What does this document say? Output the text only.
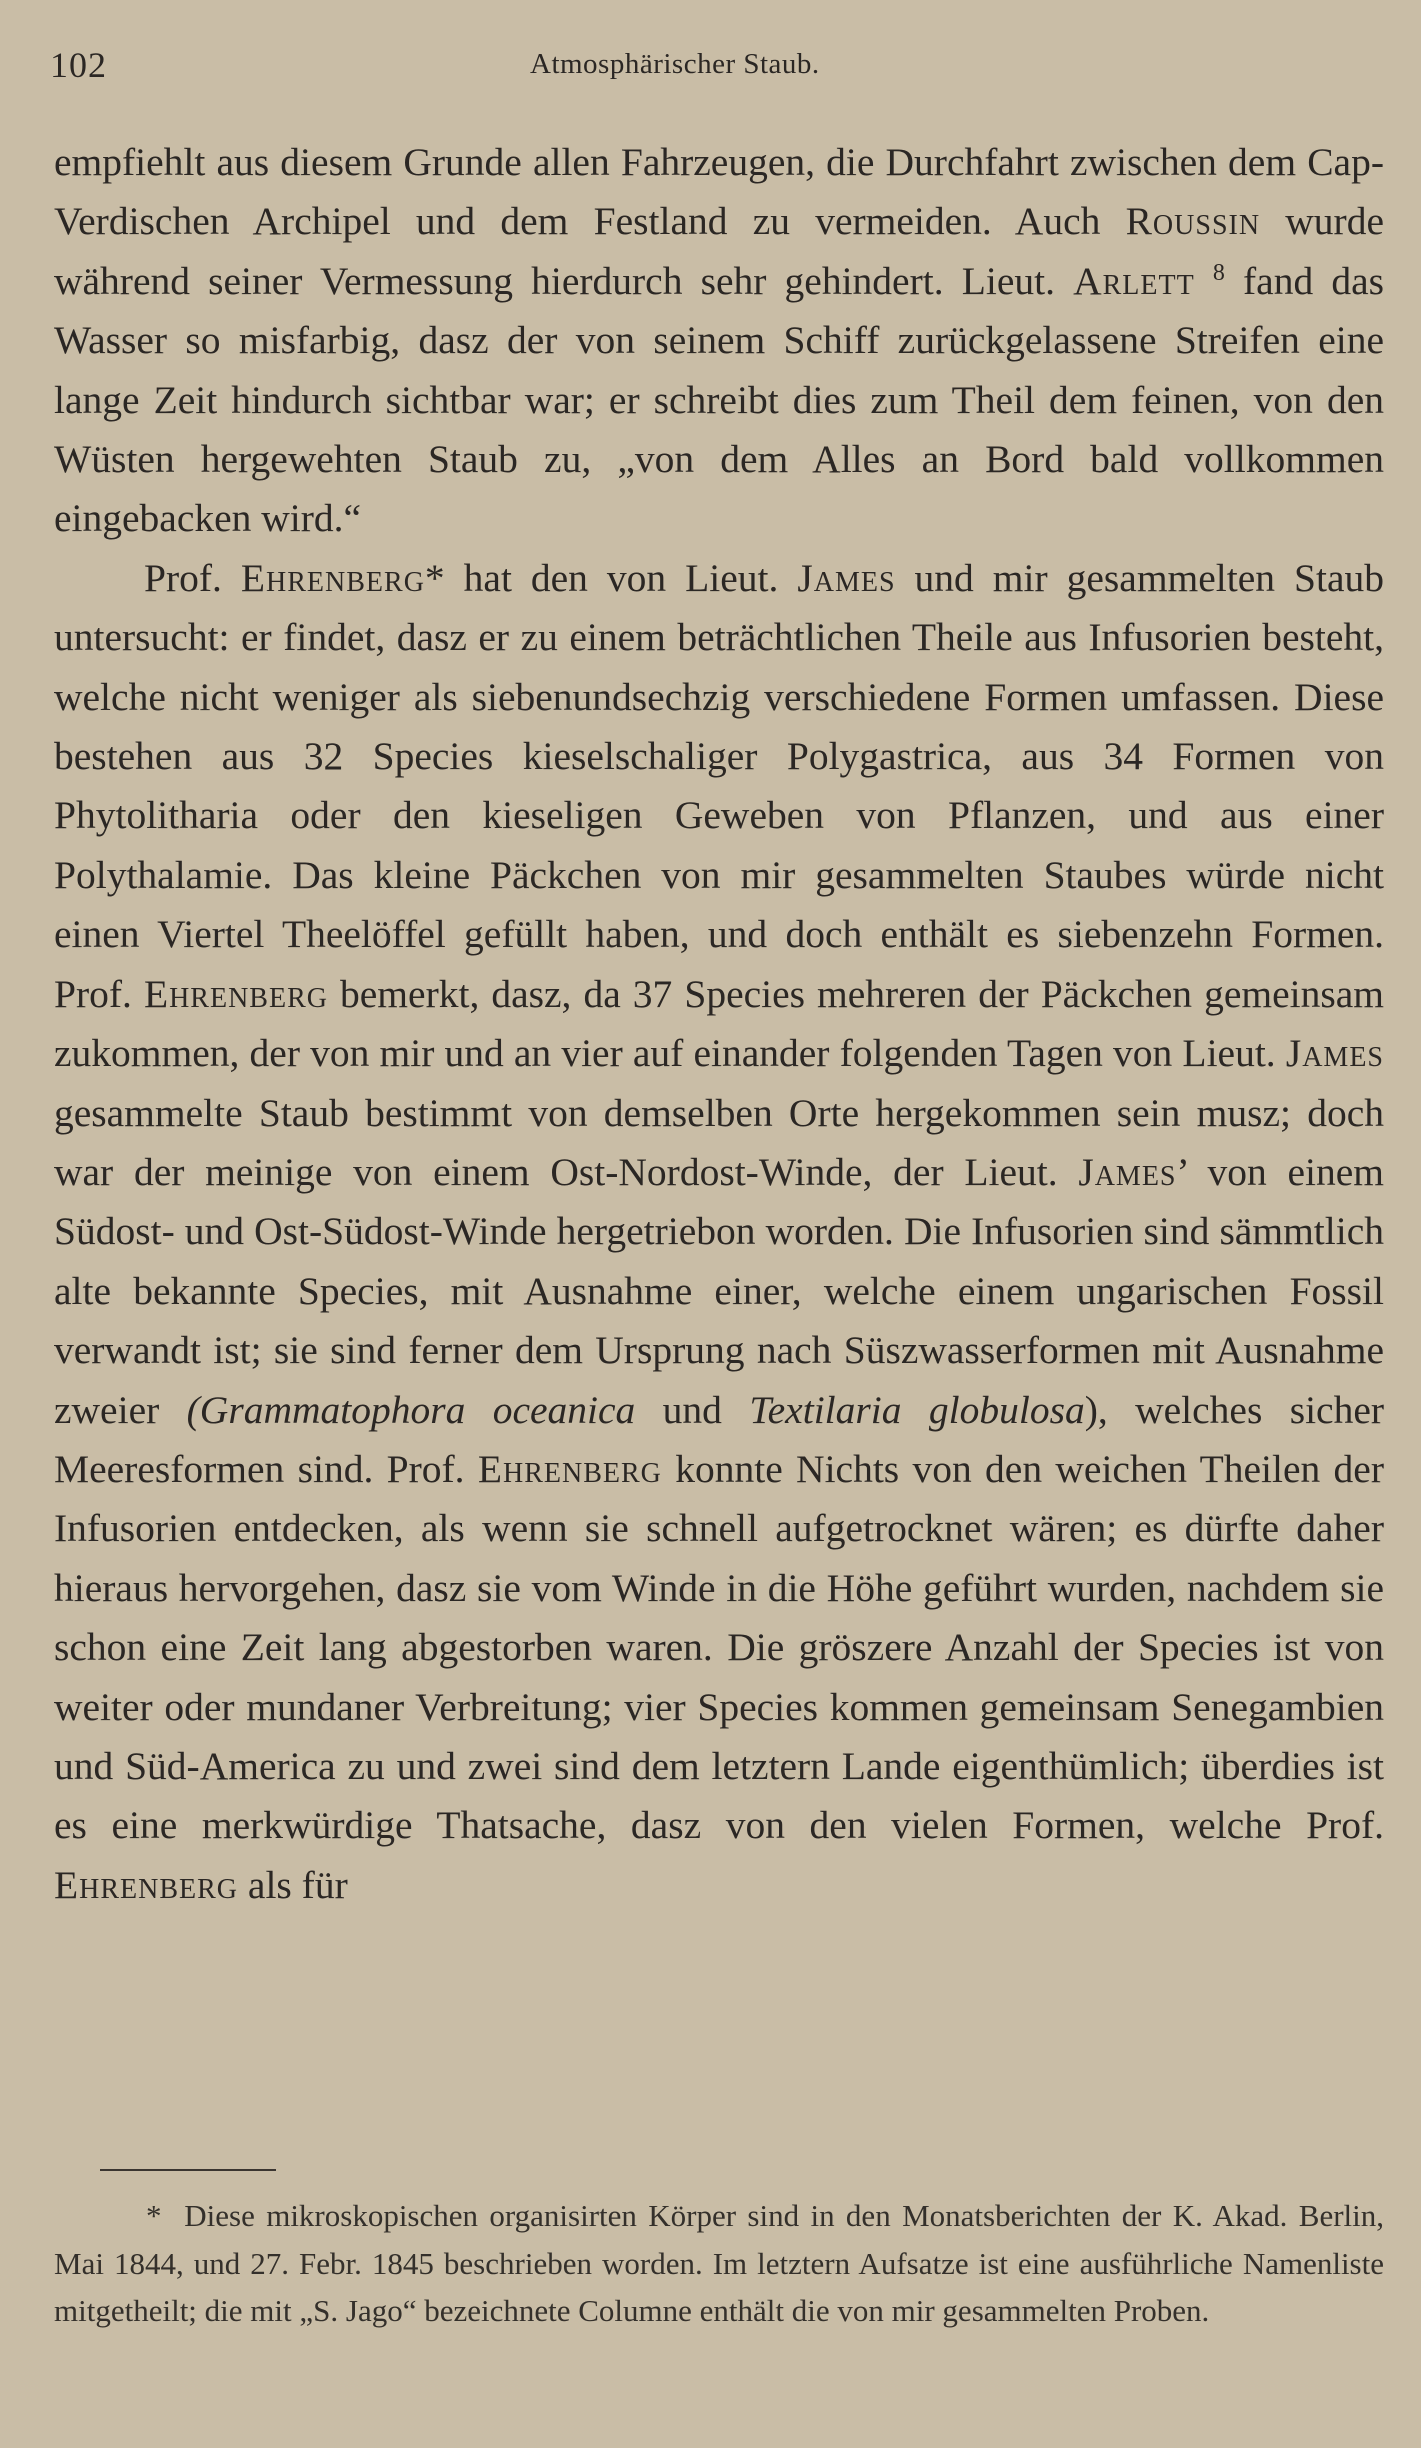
102	Atmosphärischer Staub.

empfiehlt aus diesem Grunde allen Fahrzeugen, die Durchfahrt zwischen dem Cap-Verdischen Archipel und dem Festland zu vermeiden. Auch Roussin wurde während seiner Vermessung hierdurch sehr gehindert. Lieut. Arlett $^8$ fand das Wasser so misfarbig, dasz der von seinem Schiff zurückgelassene Streifen eine lange Zeit hindurch sichtbar war; er schreibt dies zum Theil dem feinen, von den Wüsten hergewehten Staub zu, „von dem Alles an Bord bald vollkommen eingebacken wird.“

Prof. Ehrenberg* hat den von Lieut. James und mir gesammelten Staub untersucht: er findet, dasz er zu einem beträchtlichen Theile aus Infusorien besteht, welche nicht weniger als siebenundsechzig verschiedene Formen umfassen. Diese bestehen aus 32 Species kieselschaliger Polygastrica, aus 34 Formen von Phytolitharia oder den kieseligen Geweben von Pflanzen, und aus einer Polythalamie. Das kleine Päckchen von mir gesammelten Staubes würde nicht einen Viertel Theelöffel gefüllt haben, und doch enthält es siebenzehn Formen. Prof. Ehrenberg bemerkt, dasz, da 37 Species mehreren der Päckchen gemeinsam zukommen, der von mir und an vier auf einander folgenden Tagen von Lieut. James gesammelte Staub bestimmt von demselben Orte hergekommen sein musz; doch war der meinige von einem Ost-Nordost-Winde, der Lieut. James’ von einem Südost- und Ost-Südost-Winde hergetriebon worden. Die Infusorien sind sämmtlich alte bekannte Species, mit Ausnahme einer, welche einem ungarischen Fossil verwandt ist; sie sind ferner dem Ursprung nach Süszwasserformen mit Ausnahme zweier (Grammatophora oceanica und Textilaria globulosa), welches sicher Meeresformen sind. Prof. Ehrenberg konnte Nichts von den weichen Theilen der Infusorien entdecken, als wenn sie schnell aufgetrocknet wären; es dürfte daher hieraus hervorgehen, dasz sie vom Winde in die Höhe geführt wurden, nachdem sie schon eine Zeit lang abgestorben waren. Die gröszere Anzahl der Species ist von weiter oder mundaner Verbreitung; vier Species kommen gemeinsam Senegambien und Süd-America zu und zwei sind dem letztern Lande eigenthümlich; überdies ist es eine merkwürdige Thatsache, dasz von den vielen Formen, welche Prof. Ehrenberg als für

* Diese mikroskopischen organisirten Körper sind in den Monatsberichten der K. Akad. Berlin, Mai 1844, und 27. Febr. 1845 beschrieben worden. Im letztern Aufsatze ist eine ausführliche Namenliste mitgetheilt; die mit „S. Jago“ bezeichnete Columne enthält die von mir gesammelten Proben.
